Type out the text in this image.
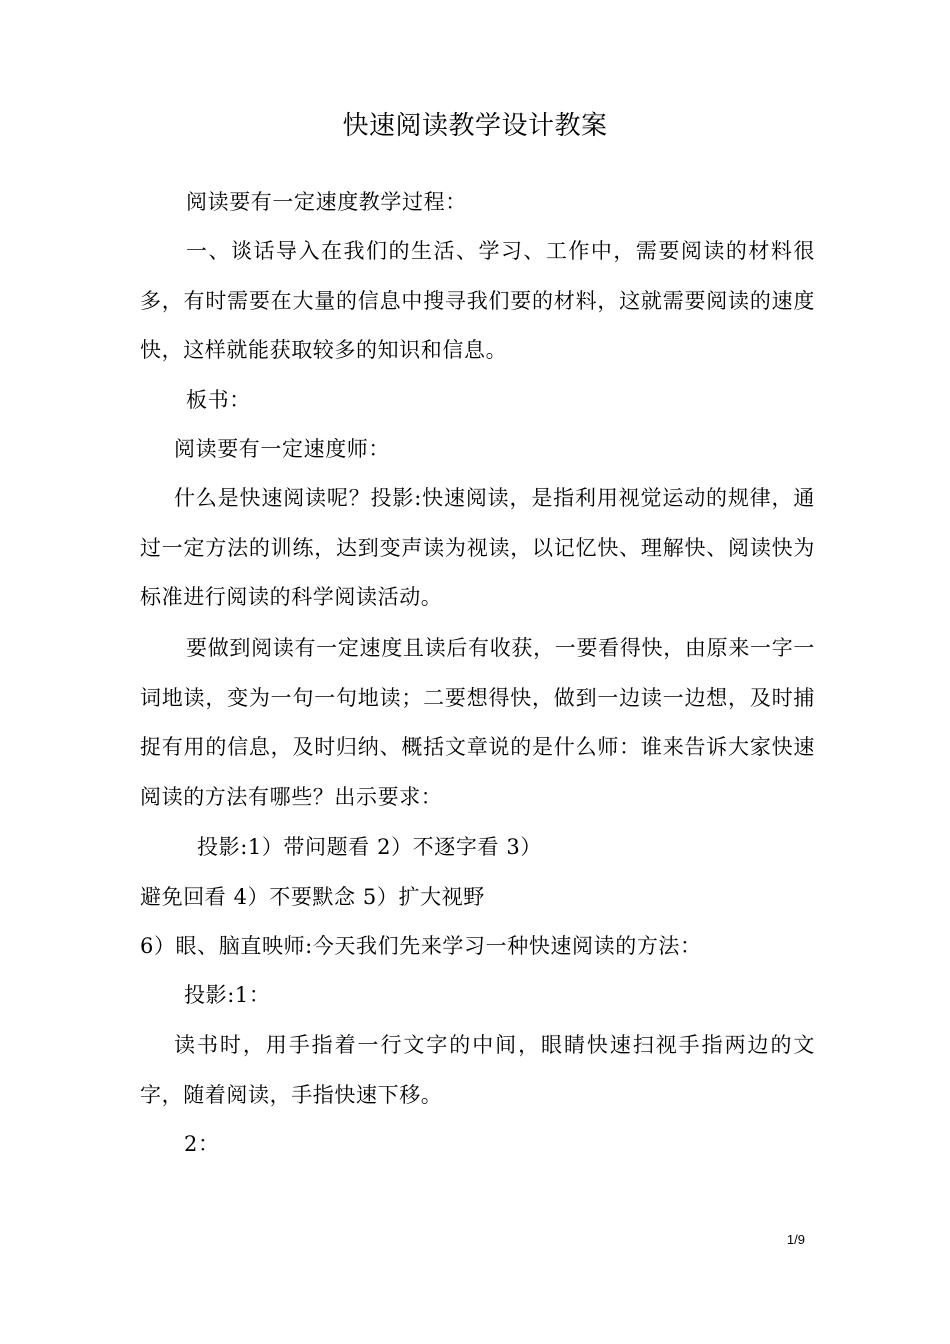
快速阅读教学设计教案

阅读要有一定速度教学过程：

一、谈话导入在我们的生活、学习、工作中，需要阅读的材料很多，有时需要在大量的信息中搜寻我们要的材料，这就需要阅读的速度快，这样就能获取较多的知识和信息。

板书：

阅读要有一定速度师：

什么是快速阅读呢？投影:快速阅读，是指利用视觉运动的规律，通过一定方法的训练，达到变声读为视读，以记忆快、理解快、阅读快为标准进行阅读的科学阅读活动。

要做到阅读有一定速度且读后有收获，一要看得快，由原来一字一词地读，变为一句一句地读；二要想得快，做到一边读一边想，及时捕捉有用的信息，及时归纳、概括文章说的是什么师：谁来告诉大家快速阅读的方法有哪些？出示要求：

投影:1）带问题看 2）不逐字看 3）

避免回看 4）不要默念 5）扩大视野

6）眼、脑直映师:今天我们先来学习一种快速阅读的方法：

投影:1：

读书时，用手指着一行文字的中间，眼睛快速扫视手指两边的文字，随着阅读，手指快速下移。

2：

1/9
